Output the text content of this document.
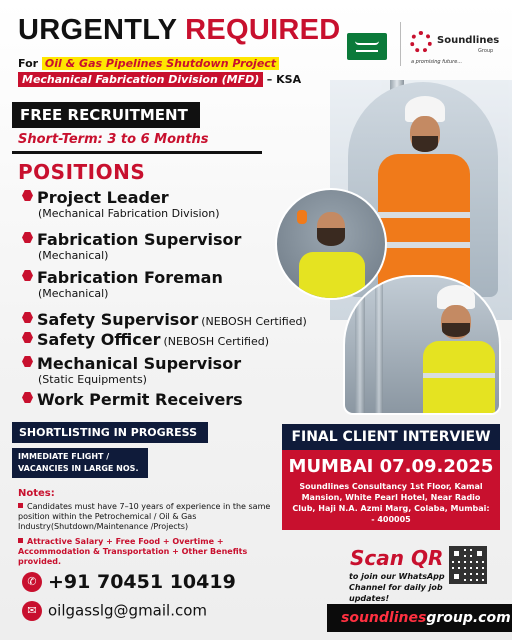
URGENTLY REQUIRED
For Oil & Gas Pipelines Shutdown Project
Mechanical Fabrication Division (MFD) – KSA
FREE RECRUITMENT
Short-Term: 3 to 6 Months
POSITIONS
Project Leader
(Mechanical Fabrication Division)
Fabrication Supervisor
(Mechanical)
Fabrication Foreman
(Mechanical)
Safety Supervisor (NEBOSH Certified)
Safety Officer (NEBOSH Certified)
Mechanical Supervisor
(Static Equipments)
Work Permit Receivers
SHORTLISTING IN PROGRESS
IMMEDIATE FLIGHT / VACANCIES IN LARGE NOS.
Notes:
Candidates must have 7–10 years of experience in the same position within the Petrochemical / Oil & Gas Industry(Shutdown/Maintenance /Projects)
Attractive Salary + Free Food + Overtime + Accommodation & Transportation + Other Benefits provided.
✆ +91 70451 10419
✉ oilgasslg@gmail.com
Soundlines
Group
a promising future...
FINAL CLIENT INTERVIEW
MUMBAI 07.09.2025
Soundlines Consultancy 1st Floor, Kamal Mansion, White Pearl Hotel, Near Radio Club, Haji N.A. Azmi Marg, Colaba, Mumbai: - 400005
Scan QR
to join our WhatsApp Channel for daily job updates!
soundlinesgroup.com
